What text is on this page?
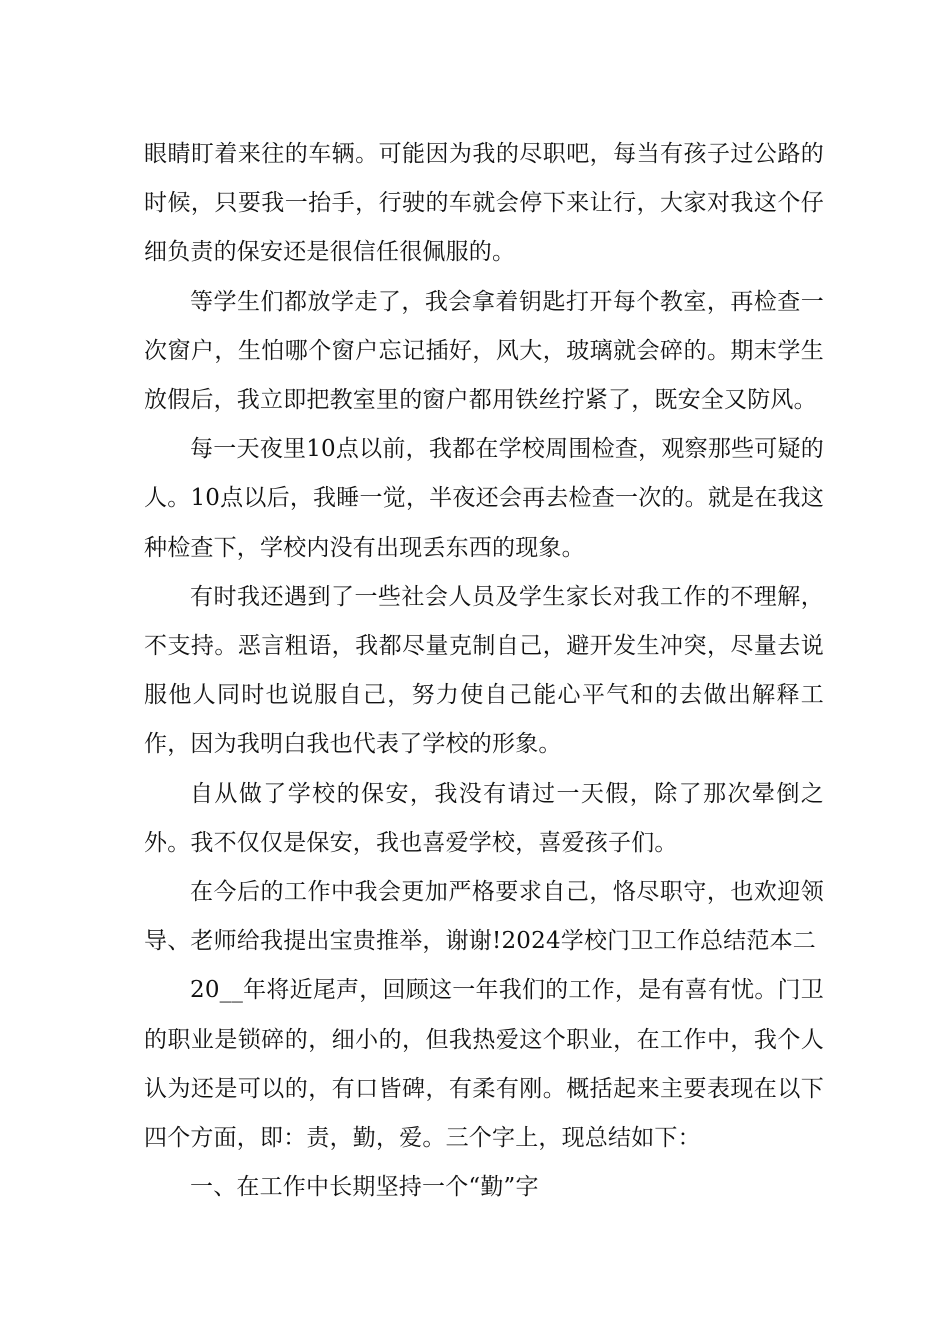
眼睛盯着来往的车辆。可能因为我的尽职吧，每当有孩子过公路的时候，只要我一抬手，行驶的车就会停下来让行，大家对我这个仔细负责的保安还是很信任很佩服的。

等学生们都放学走了，我会拿着钥匙打开每个教室，再检查一次窗户，生怕哪个窗户忘记插好，风大，玻璃就会碎的。期末学生放假后，我立即把教室里的窗户都用铁丝拧紧了，既安全又防风。

每一天夜里10点以前，我都在学校周围检查，观察那些可疑的人。10点以后，我睡一觉，半夜还会再去检查一次的。就是在我这种检查下，学校内没有出现丢东西的现象。

有时我还遇到了一些社会人员及学生家长对我工作的不理解，不支持。恶言粗语，我都尽量克制自己，避开发生冲突，尽量去说服他人同时也说服自己，努力使自己能心平气和的去做出解释工作，因为我明白我也代表了学校的形象。

自从做了学校的保安，我没有请过一天假，除了那次晕倒之外。我不仅仅是保安，我也喜爱学校，喜爱孩子们。

在今后的工作中我会更加严格要求自己，恪尽职守，也欢迎领导、老师给我提出宝贵推举，谢谢!2024学校门卫工作总结范本二

20__年将近尾声，回顾这一年我们的工作，是有喜有忧。门卫的职业是锁碎的，细小的，但我热爱这个职业，在工作中，我个人认为还是可以的，有口皆碑，有柔有刚。概括起来主要表现在以下四个方面，即：责，勤，爱。三个字上，现总结如下：

一、在工作中长期坚持一个“勤”字
